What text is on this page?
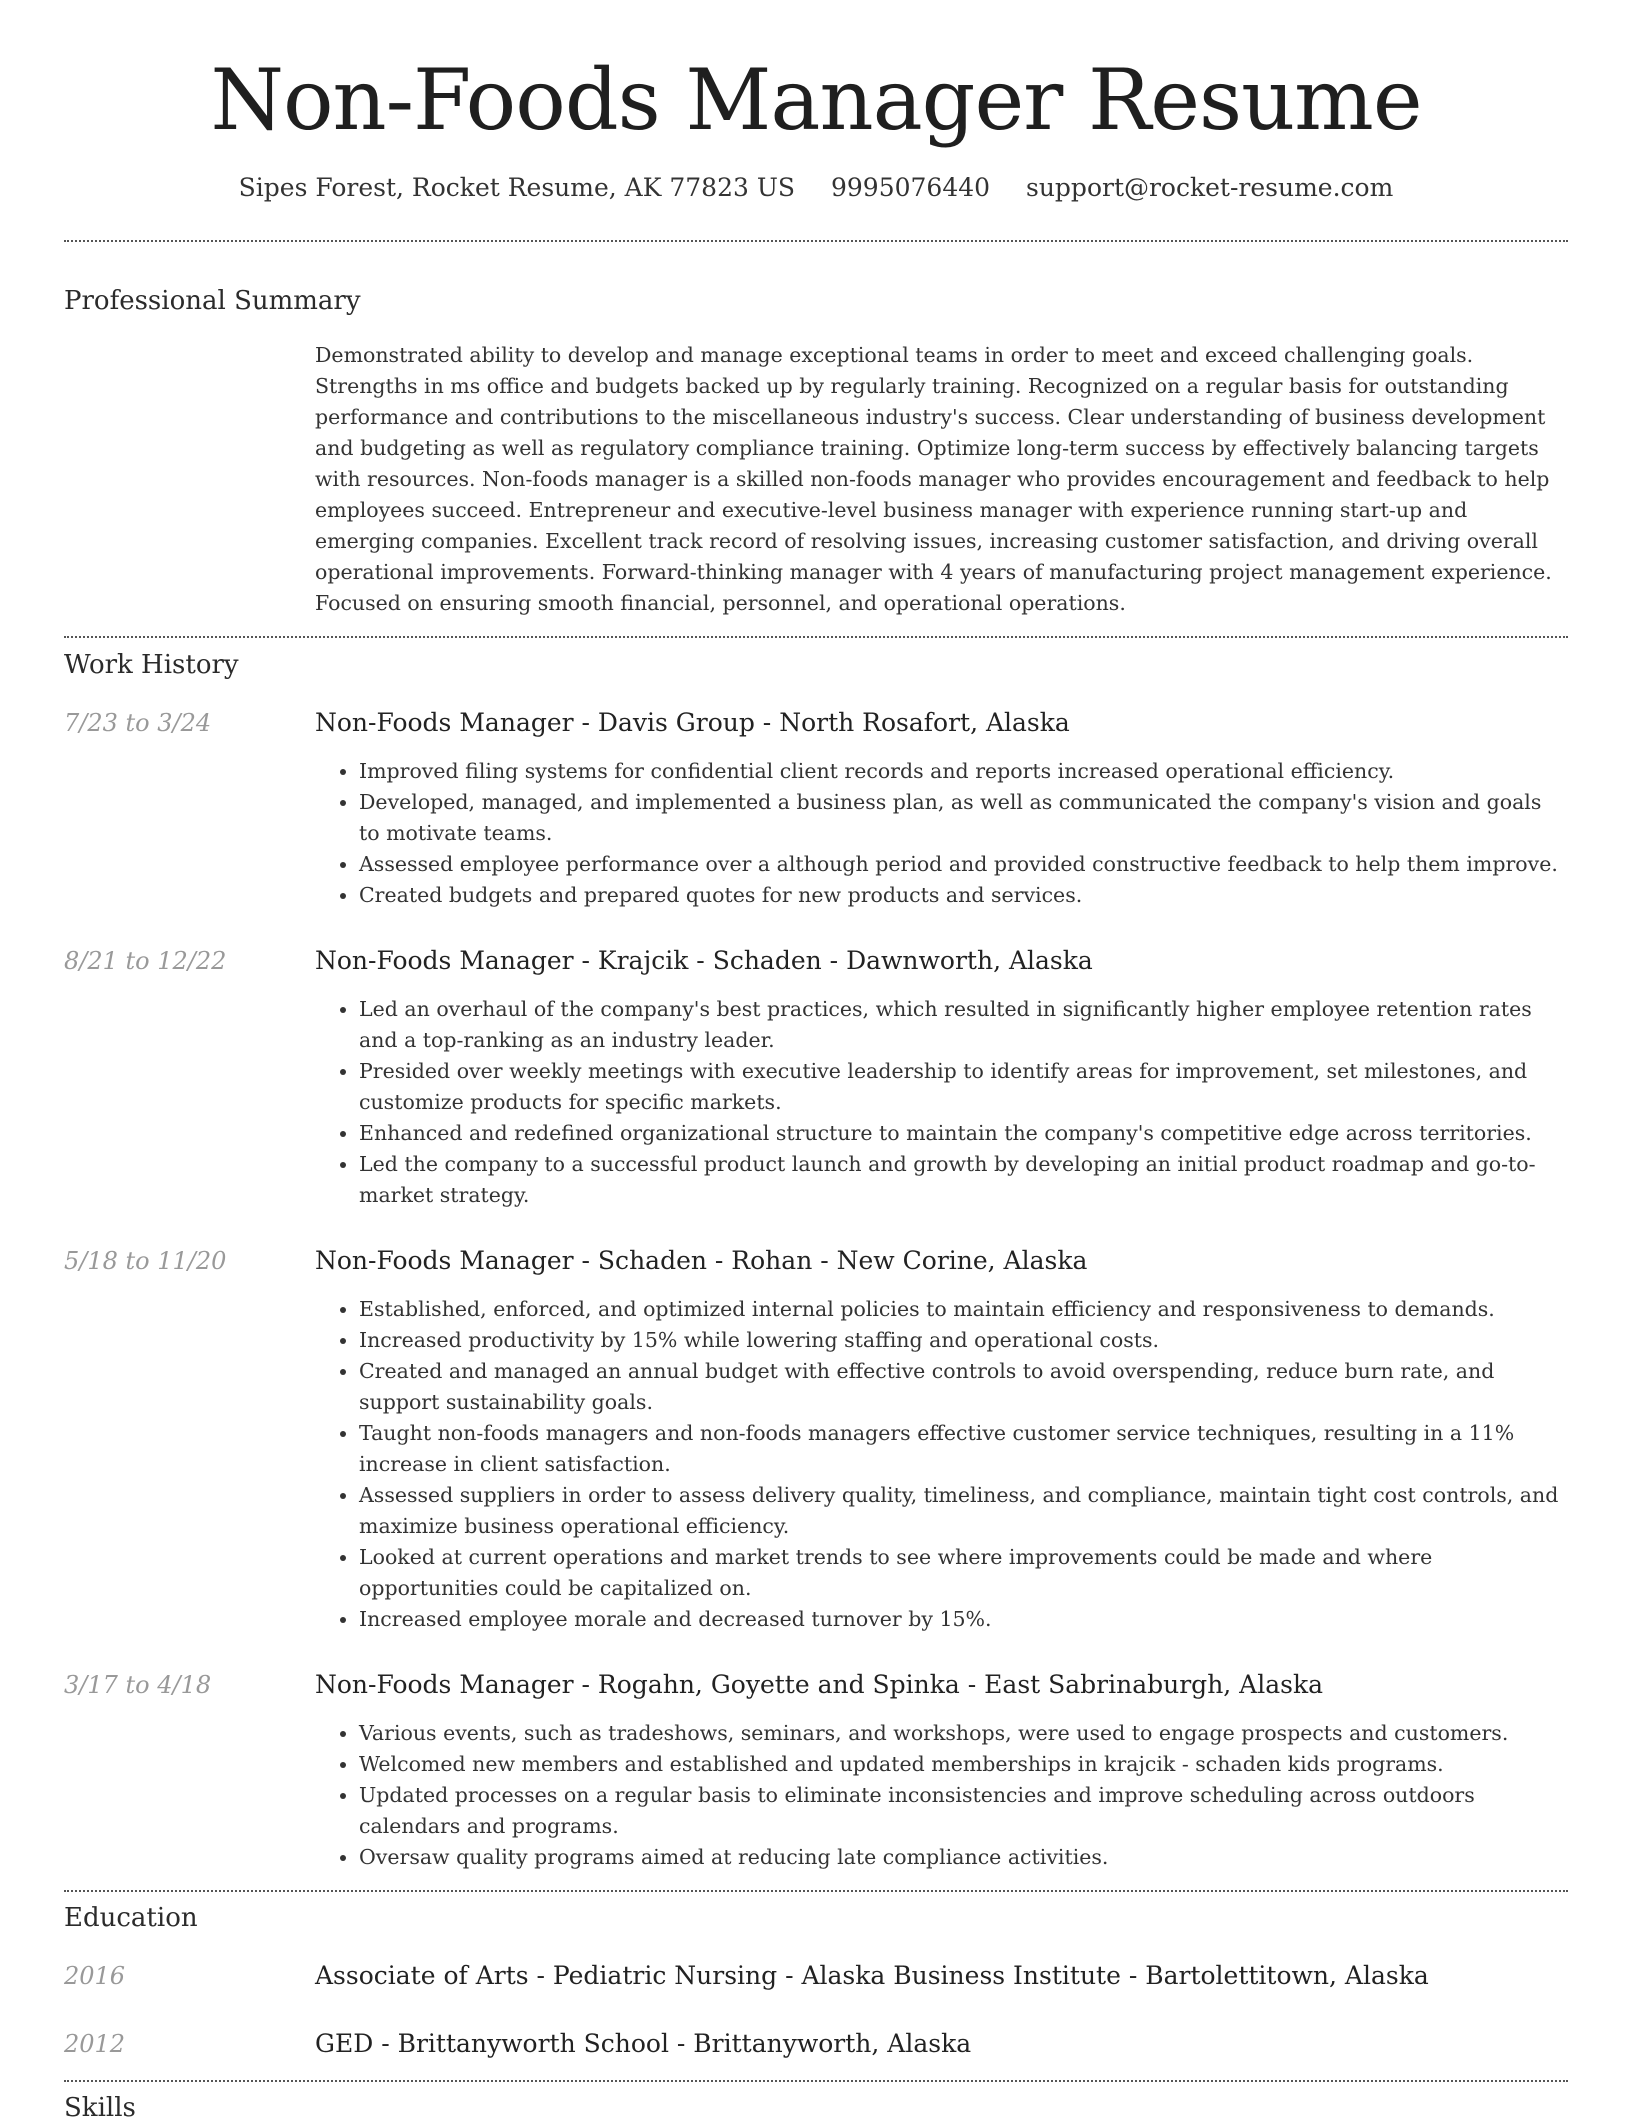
Non-Foods Manager Resume
Sipes Forest, Rocket Resume, AK 77823 US 9995076440 support@rocket-resume.com
Professional Summary

Demonstrated ability to develop and manage exceptional teams in order to meet and exceed challenging goals. Strengths in ms office and budgets backed up by regularly training. Recognized on a regular basis for outstanding performance and contributions to the miscellaneous industry's success. Clear understanding of business development and budgeting as well as regulatory compliance training. Optimize long-term success by effectively balancing targets with resources. Non-foods manager is a skilled non-foods manager who provides encouragement and feedback to help employees succeed. Entrepreneur and executive-level business manager with experience running start-up and emerging companies. Excellent track record of resolving issues, increasing customer satisfaction, and driving overall operational improvements. Forward-thinking manager with 4 years of manufacturing project management experience. Focused on ensuring smooth financial, personnel, and operational operations.

Work History
7/23 to 3/24	Non-Foods Manager - Davis Group - North Rosafort, Alaska
• Improved filing systems for confidential client records and reports increased operational efficiency.
• Developed, managed, and implemented a business plan, as well as communicated the company's vision and goals to motivate teams.
• Assessed employee performance over a although period and provided constructive feedback to help them improve.
• Created budgets and prepared quotes for new products and services.
8/21 to 12/22	Non-Foods Manager - Krajcik - Schaden - Dawnworth, Alaska
• Led an overhaul of the company's best practices, which resulted in significantly higher employee retention rates and a top-ranking as an industry leader.
• Presided over weekly meetings with executive leadership to identify areas for improvement, set milestones, and customize products for specific markets.
• Enhanced and redefined organizational structure to maintain the company's competitive edge across territories.
• Led the company to a successful product launch and growth by developing an initial product roadmap and go-to-market strategy.
5/18 to 11/20	Non-Foods Manager - Schaden - Rohan - New Corine, Alaska
• Established, enforced, and optimized internal policies to maintain efficiency and responsiveness to demands.
• Increased productivity by 15% while lowering staffing and operational costs.
• Created and managed an annual budget with effective controls to avoid overspending, reduce burn rate, and support sustainability goals.
• Taught non-foods managers and non-foods managers effective customer service techniques, resulting in a 11% increase in client satisfaction.
• Assessed suppliers in order to assess delivery quality, timeliness, and compliance, maintain tight cost controls, and maximize business operational efficiency.
• Looked at current operations and market trends to see where improvements could be made and where opportunities could be capitalized on.
• Increased employee morale and decreased turnover by 15%.
3/17 to 4/18	Non-Foods Manager - Rogahn, Goyette and Spinka - East Sabrinaburgh, Alaska
• Various events, such as tradeshows, seminars, and workshops, were used to engage prospects and customers.
• Welcomed new members and established and updated memberships in krajcik - schaden kids programs.
• Updated processes on a regular basis to eliminate inconsistencies and improve scheduling across outdoors calendars and programs.
• Oversaw quality programs aimed at reducing late compliance activities.
Education
2016	Associate of Arts - Pediatric Nursing - Alaska Business Institute - Bartolettitown, Alaska
2012	GED - Brittanyworth School - Brittanyworth, Alaska
Skills
